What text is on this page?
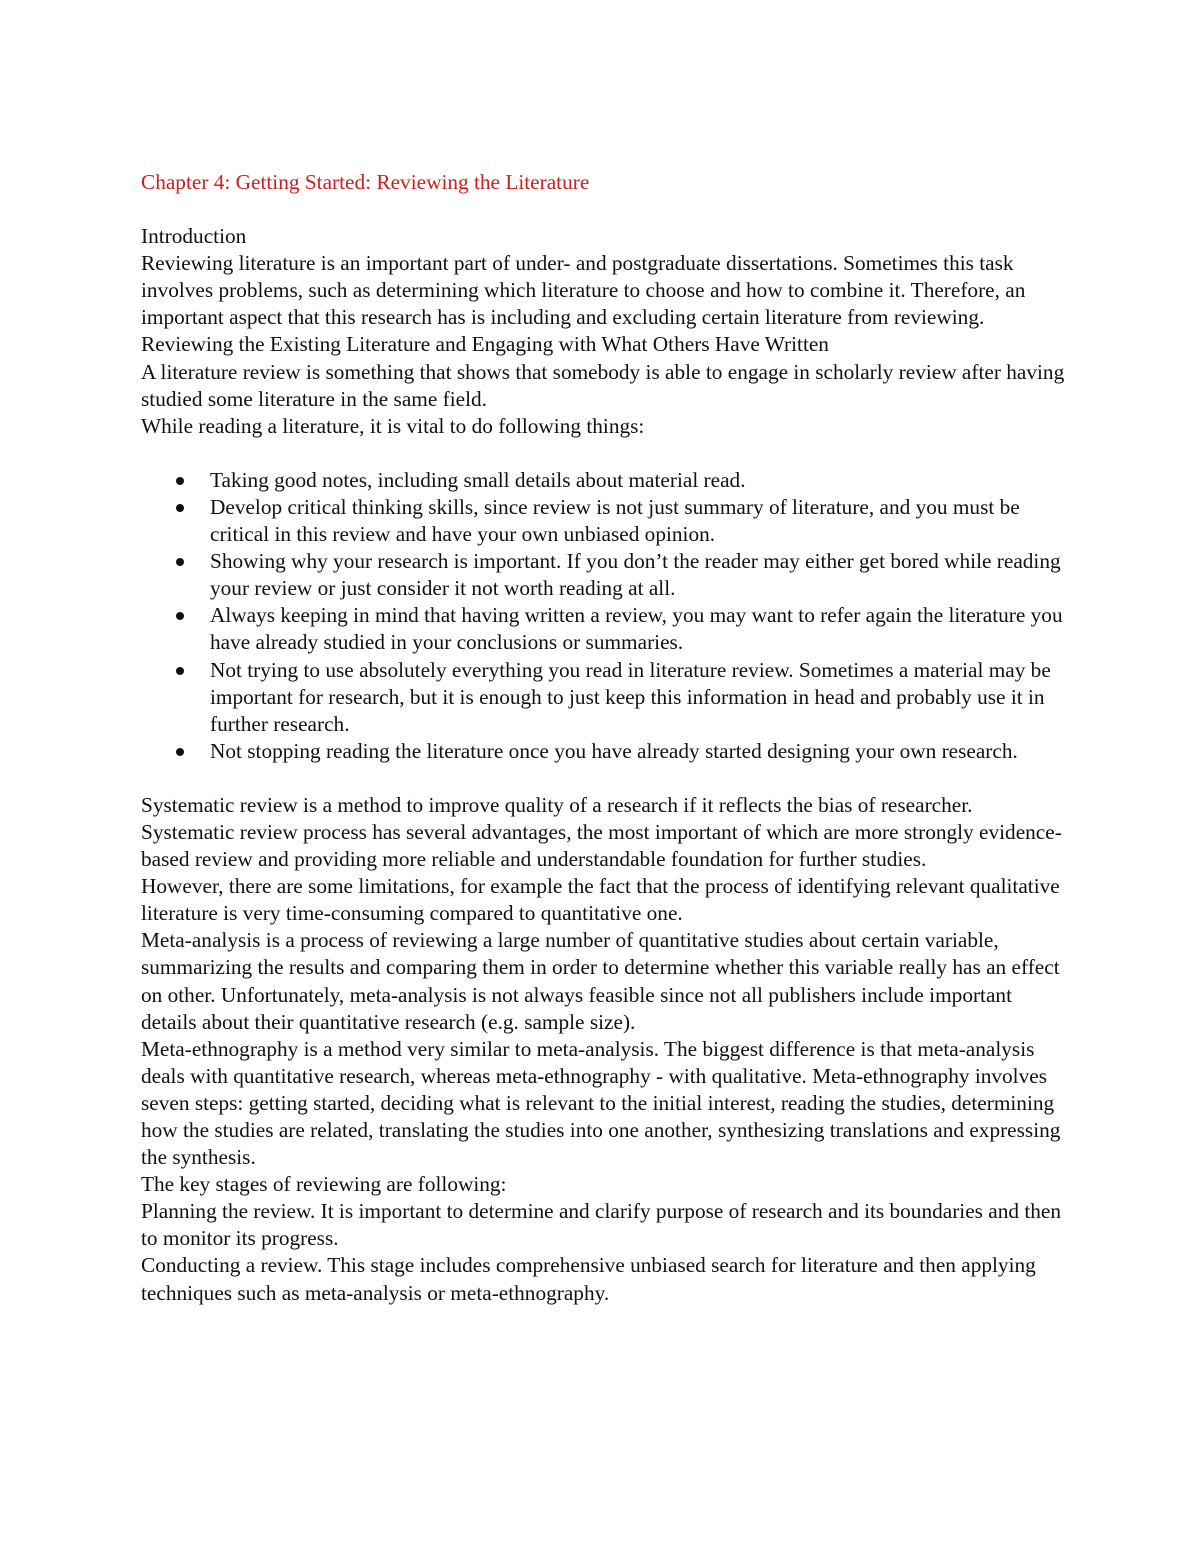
Chapter 4: Getting Started: Reviewing the Literature

Introduction

Reviewing literature is an important part of under- and postgraduate dissertations. Sometimes this task involves problems, such as determining which literature to choose and how to combine it. Therefore, an important aspect that this research has is including and excluding certain literature from reviewing.

Reviewing the Existing Literature and Engaging with What Others Have Written

A literature review is something that shows that somebody is able to engage in scholarly review after having studied some literature in the same field.

While reading a literature, it is vital to do following things:

Taking good notes, including small details about material read.
Develop critical thinking skills, since review is not just summary of literature, and you must be critical in this review and have your own unbiased opinion.
Showing why your research is important. If you don’t the reader may either get bored while reading your review or just consider it not worth reading at all.
Always keeping in mind that having written a review, you may want to refer again the literature you have already studied in your conclusions or summaries.
Not trying to use absolutely everything you read in literature review. Sometimes a material may be important for research, but it is enough to just keep this information in head and probably use it in further research.
Not stopping reading the literature once you have already started designing your own research.

Systematic review is a method to improve quality of a research if it reflects the bias of researcher. Systematic review process has several advantages, the most important of which are more strongly evidence-based review and providing more reliable and understandable foundation for further studies.

However, there are some limitations, for example the fact that the process of identifying relevant qualitative literature is very time-consuming compared to quantitative one.

Meta-analysis is a process of reviewing a large number of quantitative studies about certain variable, summarizing the results and comparing them in order to determine whether this variable really has an effect on other. Unfortunately, meta-analysis is not always feasible since not all publishers include important details about their quantitative research (e.g. sample size).

Meta-ethnography is a method very similar to meta-analysis. The biggest difference is that meta-analysis deals with quantitative research, whereas meta-ethnography - with qualitative. Meta-ethnography involves seven steps: getting started, deciding what is relevant to the initial interest, reading the studies, determining how the studies are related, translating the studies into one another, synthesizing translations and expressing the synthesis.

The key stages of reviewing are following:

Planning the review. It is important to determine and clarify purpose of research and its boundaries and then to monitor its progress.

Conducting a review. This stage includes comprehensive unbiased search for literature and then applying techniques such as meta-analysis or meta-ethnography.
